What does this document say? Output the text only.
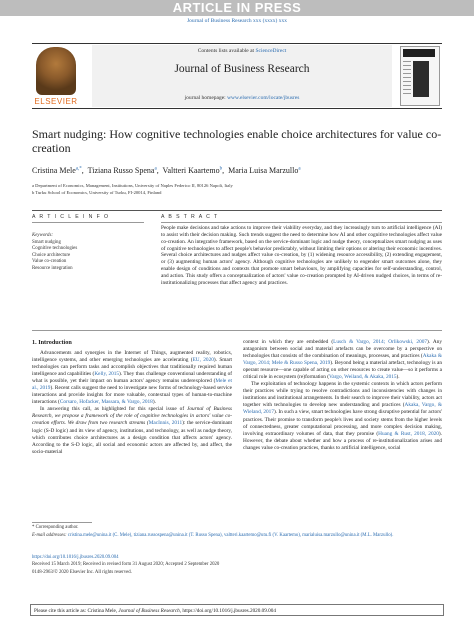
ARTICLE IN PRESS
Journal of Business Research xxx (xxxx) xxx
ELSEVIER
Contents lists available at ScienceDirect
Journal of Business Research
journal homepage: www.elsevier.com/locate/jbusres
Smart nudging: How cognitive technologies enable choice architectures for value co-creation
Cristina Mele$^{a,*}$,  Tiziana Russo Spena$^a$,  Valtteri Kaartemo$^b$,  Maria Luisa Marzullo$^a$
a Department of Economics, Management, Institutions, University of Naples Federico II, 80126 Napoli, Italy
b Turku School of Economics, University of Turku, FI-20014, Finland
A R T I C L E I N F O
Keywords:
Smart nudging
Cognitive technologies
Choice architecture
Value co-creation
Resource integration
A B S T R A C T
People make decisions and take actions to improve their viability everyday, and they increasingly turn to artificial intelligence (AI) to assist with their decision making. Such trends suggest the need to determine how AI and other cognitive technologies affect value co-creation. An integrative framework, based on the service-dominant logic and nudge theory, conceptualizes smart nudging as uses of cognitive technologies to affect people's behavior predictably, without limiting their options or altering their economic incentives. Several choice architectures and nudges affect value co-creation, by (1) widening resource accessibility, (2) extending engagement, or (3) augmenting human actors' agency. Although cognitive technologies are unlikely to engender smart outcomes alone, they enable design of conditions and contexts that promote smart behaviours, by amplifying capacities for self-understanding, control, and action. This study offers a conceptualization of actors' value co-creation prompted by AI-driven nudged choices, in terms of re-institutionalizing processes that affect agency and practices.
1. Introduction

Advancements and synergies in the Internet of Things, augmented reality, robotics, intelligence systems, and other emerging technologies are accelerating (EU, 2020). Smart technologies can perform tasks and accomplish objectives that traditionally required human intelligence and capabilities (Kelly, 2015). They thus challenge conventional understanding of what is possible, yet their impact on human actors' agency remains underexplored (Mele et al., 2019). Recent calls suggest the need to investigate new forms of technology-based service interactions and provide insights for more valuable, contextual types of human-to-machine interactions (Corsaro, Hofacker, Massara, & Vargo, 2018).

In answering this call, as highlighted for this special issue of Journal of Business Research, we propose a framework of the role of cognitive technologies in actors' value co-creation efforts. We draw from two research streams (MacInnis, 2011): the service-dominant logic (S-D logic) and its view of agency, institutions, and technology, as well as nudge theory, which contributes choice architectures as a design condition that affects actors' agency. According to the S-D logic, all social and economic actors are affected by, and affect, the socio-material

context in which they are embedded (Lusch & Vargo, 2014; Orlikowski, 2007). Any antagonism between social and material artefacts can be overcome by a perspective on technologies that consists of the combination of meanings, processes, and practices (Akaka & Vargo, 2014; Mele & Russo Spena, 2019). Beyond being a material artefact, technology is an operant resource—one capable of acting on other resources to create value—so it performs a critical role in ecosystem (re)formation (Vargo, Weiland, & Akaka, 2015).

The exploitation of technology happens in the systemic contexts in which actors perform their practices while trying to resolve contradictions and inconsistencies with changes in institutions and institutional arrangements. In their search to improve their viability, actors act together with technologies to develop new understanding and practices (Akaka, Vargo, & Wieland, 2017). In such a view, smart technologies have strong disruptive potential for actors' practices. Their promise to transform people's lives and society stems from the higher levels of connectedness, greater computational processing, and more complex decision making, involving extraordinary volumes of data, that they promise (Huang & Rust, 2018, 2020). However, the debate about whether and how a process of re-institutionalization arises and changes value co-creation practices, thanks to artificial intelligence, social

* Corresponding author.
E-mail addresses: cristina.mele@unina.it (C. Mele), tiziana.russospena@unina.it (T. Russo Spena), valtteri.kaartemo@utu.fi (V. Kaartemo), marialuisa.marzullo@unina.it (M.L. Marzullo).
https://doi.org/10.1016/j.jbusres.2020.09.004
Received 15 March 2019; Received in revised form 31 August 2020; Accepted 2 September 2020
0148-2963/© 2020 Elsevier Inc. All rights reserved.
Please cite this article as: Cristina Mele, Journal of Business Research, https://doi.org/10.1016/j.jbusres.2020.09.004
